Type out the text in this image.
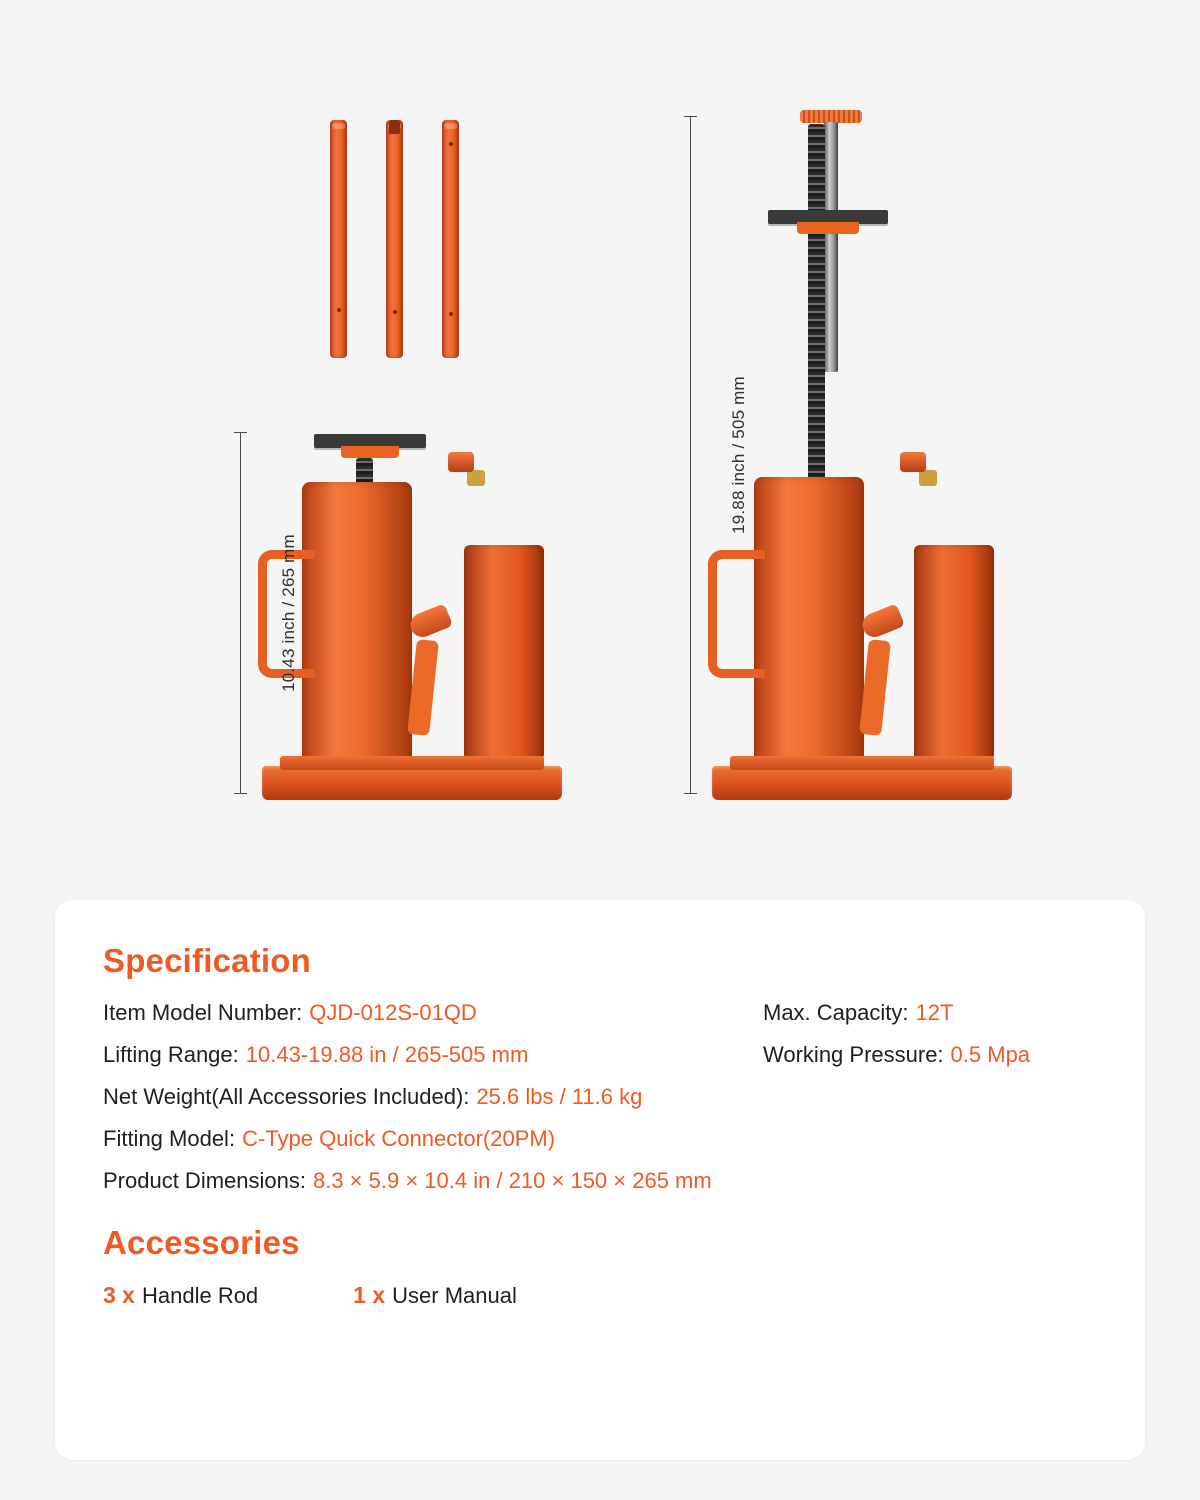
10.43 inch / 265 mm
19.88 inch / 505 mm
Specification
Item Model Number: QJD-012S-01QD	Max. Capacity: 12T
Lifting Range: 10.43-19.88 in / 265-505 mm	Working Pressure: 0.5 Mpa
Net Weight(All Accessories Included): 25.6 lbs / 11.6 kg
Fitting Model: C-Type Quick Connector(20PM)
Product Dimensions: 8.3 × 5.9 × 10.4 in / 210 × 150 × 265 mm
Accessories
3 x Handle Rod	1 x User Manual
